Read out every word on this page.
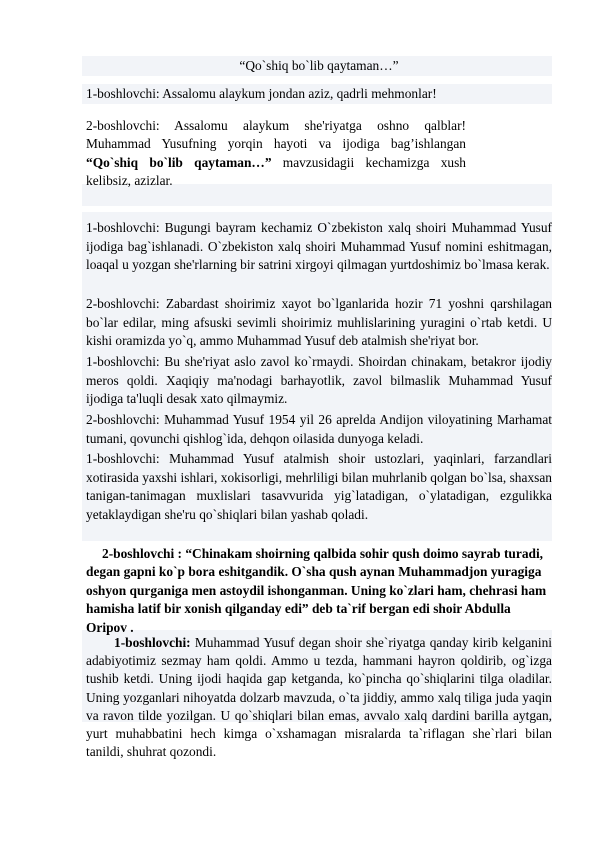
“Qo`shiq bo`lib qaytaman…”

1-boshlovchi: Assalomu alaykum jondan aziz, qadrli mehmonlar!

2-boshlovchi: Assalomu alaykum she'riyatga oshno qalblar! Muhammad Yusufning yorqin hayoti va ijodiga bag’ishlangan “Qo`shiq bo`lib qaytaman…” mavzusidagii kechamizga xush kelibsiz, azizlar.

1-boshlovchi: Bugungi bayram kechamiz O`zbekiston xalq shoiri Muhammad Yusuf ijodiga bag`ishlanadi. O`zbekiston xalq shoiri Muhammad Yusuf nomini eshitmagan, loaqal u yozgan she'rlarning bir satrini xirgoyi qilmagan yurtdoshimiz bo`lmasa kerak.

2-boshlovchi: Zabardast shoirimiz xayot bo`lganlarida hozir 71 yoshni qarshilagan bo`lar edilar, ming afsuski sevimli shoirimiz muhlislarining yuragini o`rtab ketdi. U kishi oramizda yo`q, ammo Muhammad Yusuf deb atalmish she'riyat bor.

1-boshlovchi: Bu she'riyat aslo zavol ko`rmaydi. Shoirdan chinakam, betakror ijodiy meros qoldi. Xaqiqiy ma'nodagi barhayotlik, zavol bilmaslik Muhammad Yusuf ijodiga ta'luqli desak xato qilmaymiz.

2-boshlovchi: Muhammad Yusuf 1954 yil 26 aprelda Andijon viloyatining Marhamat tumani, qovunchi qishlog`ida, dehqon oilasida dunyoga keladi.

1-boshlovchi: Muhammad Yusuf atalmish shoir ustozlari, yaqinlari, farzandlari xotirasida yaxshi ishlari, xokisorligi, mehrliligi bilan muhrlanib qolgan bo`lsa, shaxsan tanigan-tanimagan muxlislari tasavvurida yig`latadigan, o`ylatadigan, ezgulikka yetaklaydigan she'ru qo`shiqlari bilan yashab qoladi.

2-boshlovchi : “Chinakam shoirning qalbida sohir qush doimo sayrab turadi, degan gapni ko`p bora eshitgandik. O`sha qush aynan Muhammadjon yuragiga oshyon qurganiga men astoydil ishonganman. Uning ko`zlari ham, chehrasi ham hamisha latif bir xonish qilganday edi” deb ta`rif bergan edi shoir Abdulla Oripov .

1-boshlovchi: Muhammad Yusuf degan shoir she`riyatga qanday kirib kelganini adabiyotimiz sezmay ham qoldi. Ammo u tezda, hammani hayron qoldirib, og`izga tushib ketdi. Uning ijodi haqida gap ketganda, ko`pincha qo`shiqlarini tilga oladilar. Uning yozganlari nihoyatda dolzarb mavzuda, o`ta jiddiy, ammo xalq tiliga juda yaqin va ravon tilde yozilgan. U qo`shiqlari bilan emas, avvalo xalq dardini barilla aytgan, yurt muhabbatini hech kimga o`xshamagan misralarda ta`riflagan she`rlari bilan tanildi, shuhrat qozondi.
